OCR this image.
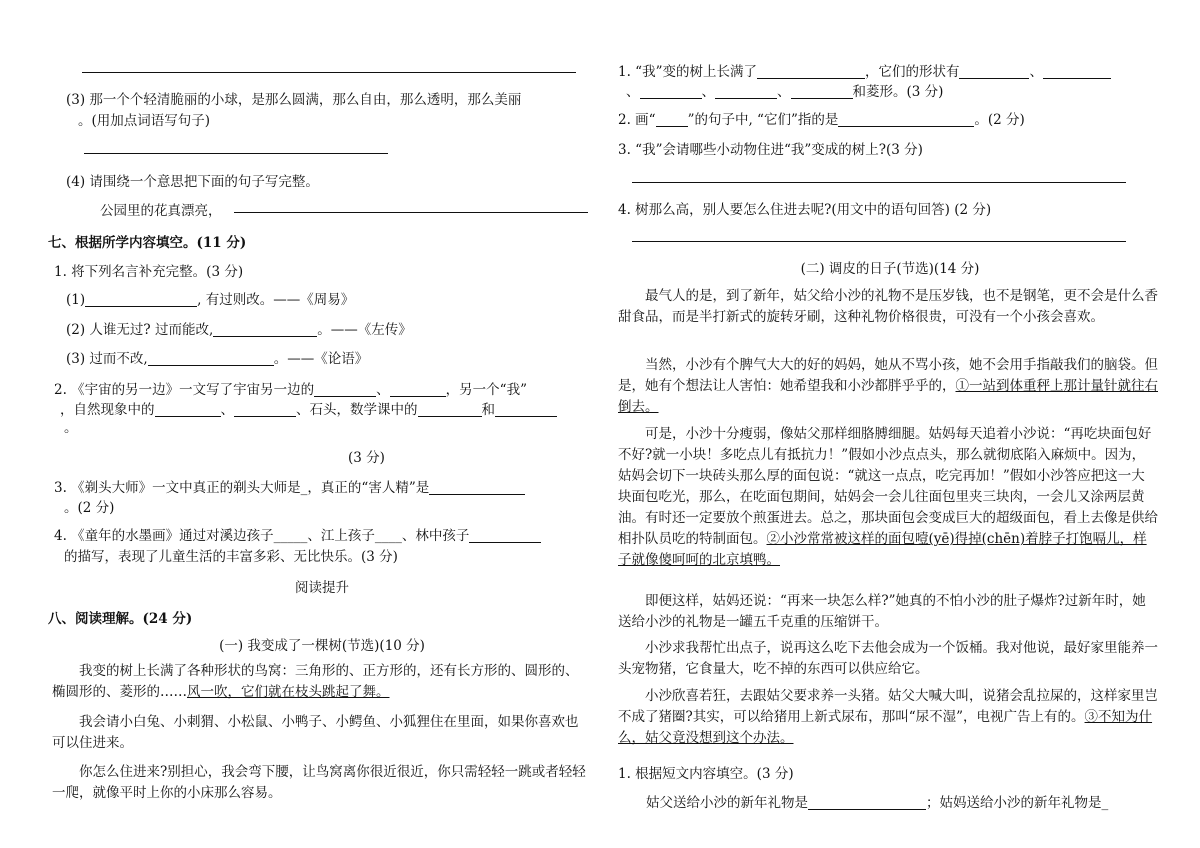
(3) 那一个个轻清脆丽的小球，是那么圆满，那么自由，那么透明，那么美丽
。(用加点词语写句子)
(4) 请围绕一个意思把下面的句子写完整。
公园里的花真漂亮，
七、根据所学内容填空。(11 分)
1. 将下列名言补充完整。(3 分)
(1)	, 有过则改。——《周易》
(2) 人谁无过? 过而能改,	。——《左传》
(3) 过而不改,	。——《论语》
2. 《宇宙的另一边》一文写了宇宙另一边的	、	，另一个“我”
，自然现象中的	、	、石头，数学课中的	和
。
(3 分)
3. 《剃头大师》一文中真正的剃头大师是_，真正的“害人精”是
。(2 分)
4. 《童年的水墨画》通过对溪边孩子_____、江上孩子____、林中孩子
的描写，表现了儿童生活的丰富多彩、无比快乐。(3 分)
阅读提升
八、阅读理解。(24 分)
(一) 我变成了一棵树(节选)(10 分)
我变的树上长满了各种形状的鸟窝：三角形的、正方形的，还有长方形的、圆形的、椭圆形的、菱形的……风一吹，它们就在枝头跳起了舞。
我会请小白兔、小刺猬、小松鼠、小鸭子、小鳄鱼、小狐狸住在里面，如果你喜欢也可以住进来。
你怎么住进来?别担心，我会弯下腰，让鸟窝离你很近很近，你只需轻轻一跳或者轻轻一爬，就像平时上你的小床那么容易。
1. “我”变的树上长满了	，它们的形状有	、
、	、	、	和菱形。(3 分)
2. 画“ ”的句子中, “它们”指的是	。(2 分)
3. “我”会请哪些小动物住进“我”变成的树上?(3 分)
4. 树那么高，别人要怎么住进去呢?(用文中的语句回答) (2 分)
(二) 调皮的日子(节选)(14 分)
最气人的是，到了新年，姑父给小沙的礼物不是压岁钱，也不是钢笔，更不会是什么香甜食品，而是半打新式的旋转牙刷，这种礼物价格很贵，可没有一个小孩会喜欢。
当然，小沙有个脾气大大的好的妈妈，她从不骂小孩，她不会用手指敲我们的脑袋。但是，她有个想法让人害怕：她希望我和小沙都胖乎乎的，①一站到体重秤上那计量针就往右倒去。
可是，小沙十分瘦弱，像姑父那样细胳膊细腿。姑妈每天追着小沙说：“再吃块面包好不好?就一小块！多吃点儿有抵抗力！”假如小沙点点头，那么就彻底陷入麻烦中。因为，姑妈会切下一块砖头那么厚的面包说：“就这一点点，吃完再加！”假如小沙答应把这一大块面包吃光，那么，在吃面包期间，姑妈会一会儿往面包里夹三块肉，一会儿又涂两层黄油。有时还一定要放个煎蛋进去。总之，那块面包会变成巨大的超级面包，看上去像是供给相扑队员吃的特制面包。②小沙常常被这样的面包噎(yē)得掉(chēn)着脖子打饱嗝儿，样子就像傻呵呵的北京填鸭。
即便这样，姑妈还说：“再来一块怎么样?”她真的不怕小沙的肚子爆炸?过新年时，她送给小沙的礼物是一罐五千克重的压缩饼干。
小沙求我帮忙出点子，说再这么吃下去他会成为一个饭桶。我对他说，最好家里能养一头宠物猪，它食量大，吃不掉的东西可以供应给它。
小沙欣喜若狂，去跟姑父要求养一头猪。姑父大喊大叫，说猪会乱拉屎的，这样家里岂不成了猪圈?其实，可以给猪用上新式尿布，那叫“尿不湿”，电视广告上有的。③不知为什么，姑父竟没想到这个办法。
1. 根据短文内容填空。(3 分)
姑父送给小沙的新年礼物是	；姑妈送给小沙的新年礼物是_
